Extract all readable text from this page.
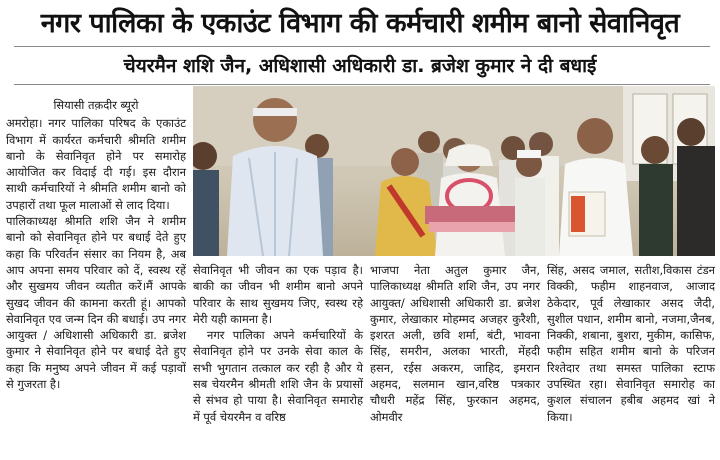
नगर पालिका के एकाउंट विभाग की कर्मचारी शमीम बानो सेवानिवृत
चेयरमैन शशि जैन, अधिशासी अधिकारी डा. ब्रजेश कुमार ने दी बधाई
सियासी तक़दीर ब्यूरो

अमरोहा। नगर पालिका परिषद के एकाउंट विभाग में कार्यरत कर्मचारी श्रीमति शमीम बानो के सेवानिवृत होने पर समारोह आयोजित कर विदाई दी गई। इस दौरान साथी कर्मचारियों ने श्रीमति शमीम बानो को उपहारों तथा फूल मालाओं से लाद दिया।

पालिकाध्यक्ष श्रीमति शशि जैन ने शमीम बानो को सेवानिवृत होने पर बधाई देते हुए कहा कि परिवर्तन संसार का नियम है, अब आप अपना समय परिवार को दें, स्वस्थ रहें और सुखमय जीवन व्यतीत करें।मैं आपके सुखद जीवन की कामना करती हूं। आपको सेवानिवृत एव जन्म दिन की बधाई। उप नगर आयुक्त / अधिशासी अधिकारी डा. ब्रजेश कुमार ने सेवानिवृत होने पर बधाई देते हुए कहा कि मनुष्य अपने जीवन में कई पड़ावों से गुजरता है।

सेवानिवृत भी जीवन का एक पड़ाव है। बाकी का जीवन भी शमीम बानो अपने परिवार के साथ सुखमय जिए, स्वस्थ रहे मेरी यही कामना है।

नगर पालिका अपने कर्मचारियों के सेवानिवृत होने पर उनके सेवा काल के सभी भुगतान तत्काल कर रही है और ये सब चेयरमैन श्रीमती शशि जैन के प्रयासों से संभव हो पाया है। सेवानिवृत समारोह में पूर्व चेयरमैन व वरिष्ठ

भाजपा नेता अतुल कुमार जैन, पालिकाध्यक्ष श्रीमति शशि जैन, उप नगर आयुक्त/ अधिशासी अधिकारी डा. ब्रजेश कुमार, लेखाकार मोहम्मद अजहर कुरैशी, इशरत अली, छवि शर्मा, बंटी, भावना सिंह, समरीन, अलका भारती, मेंहदी हसन, रईस अकरम, जाहिद, इमरान अहमद, सलमान खान,वरिष्ठ पत्रकार चौधरी महेंद्र सिंह, फुरकान अहमद, ओमवीर

सिंह, असद जमाल, सतीश,विकास टंडन विक्की, फहीम शाहनवाज, आजाद ठेकेदार, पूर्व लेखाकार असद जैदी, सुशील पधान, शमीम बानो, नजमा,जैनब, निक्की, शबाना, बुशरा, मुकीम, कासिफ, फहीम सहित शमीम बानो के परिजन रिश्तेदार तथा समस्त पालिका स्टाफ उपस्थित रहा। सेवानिवृत समारोह का कुशल संचालन हबीब अहमद खां ने किया।
